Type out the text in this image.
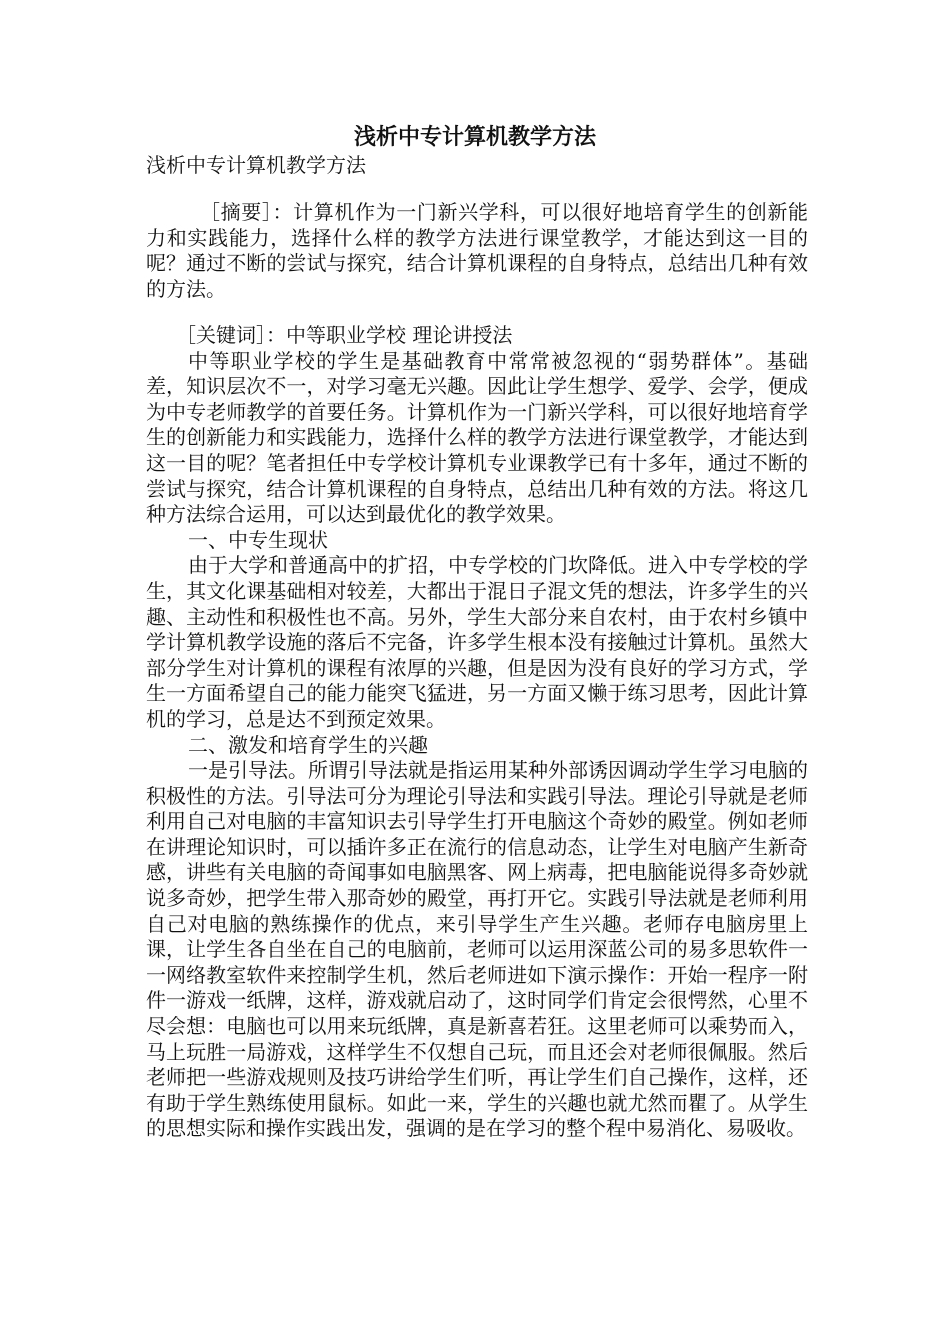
浅析中专计算机教学方法
浅析中专计算机教学方法

［摘要］：计算机作为一门新兴学科，可以很好地培育学生的创新能力和实践能力，选择什么样的教学方法进行课堂教学，才能达到这一目的呢？通过不断的尝试与探究，结合计算机课程的自身特点，总结出几种有效的方法。

［关键词］：中等职业学校 理论讲授法

中等职业学校的学生是基础教育中常常被忽视的“弱势群体”。基础差，知识层次不一，对学习毫无兴趣。因此让学生想学、爱学、会学，便成为中专老师教学的首要任务。计算机作为一门新兴学科，可以很好地培育学生的创新能力和实践能力，选择什么样的教学方法进行课堂教学，才能达到这一目的呢？笔者担任中专学校计算机专业课教学已有十多年，通过不断的尝试与探究，结合计算机课程的自身特点，总结出几种有效的方法。将这几种方法综合运用，可以达到最优化的教学效果。

一、中专生现状

由于大学和普通高中的扩招，中专学校的门坎降低。进入中专学校的学生，其文化课基础相对较差，大都出于混日子混文凭的想法，许多学生的兴趣、主动性和积极性也不高。另外，学生大部分来自农村，由于农村乡镇中学计算机教学设施的落后不完备，许多学生根本没有接触过计算机。虽然大部分学生对计算机的课程有浓厚的兴趣，但是因为没有良好的学习方式，学生一方面希望自己的能力能突飞猛进，另一方面又懒于练习思考，因此计算机的学习，总是达不到预定效果。

二、激发和培育学生的兴趣

一是引导法。所谓引导法就是指运用某种外部诱因调动学生学习电脑的积极性的方法。引导法可分为理论引导法和实践引导法。理论引导就是老师利用自己对电脑的丰富知识去引导学生打开电脑这个奇妙的殿堂。例如老师在讲理论知识时，可以插许多正在流行的信息动态，让学生对电脑产生新奇感，讲些有关电脑的奇闻事如电脑黑客、网上病毒，把电脑能说得多奇妙就说多奇妙，把学生带入那奇妙的殿堂，再打开它。实践引导法就是老师利用自己对电脑的熟练操作的优点，来引导学生产生兴趣。老师存电脑房里上课，让学生各自坐在自己的电脑前，老师可以运用深蓝公司的易多思软件一一网络教室软件来控制学生机，然后老师进如下演示操作：开始一程序一附件一游戏一纸牌，这样，游戏就启动了，这时同学们肯定会很愕然，心里不尽会想：电脑也可以用来玩纸牌，真是新喜若狂。这里老师可以乘势而入，马上玩胜一局游戏，这样学生不仅想自己玩，而且还会对老师很佩服。然后老师把一些游戏规则及技巧讲给学生们听，再让学生们自己操作，这样，还有助于学生熟练使用鼠标。如此一来，学生的兴趣也就尤然而瞿了。从学生的思想实际和操作实践出发，强调的是在学习的整个程中易消化、易吸收。
